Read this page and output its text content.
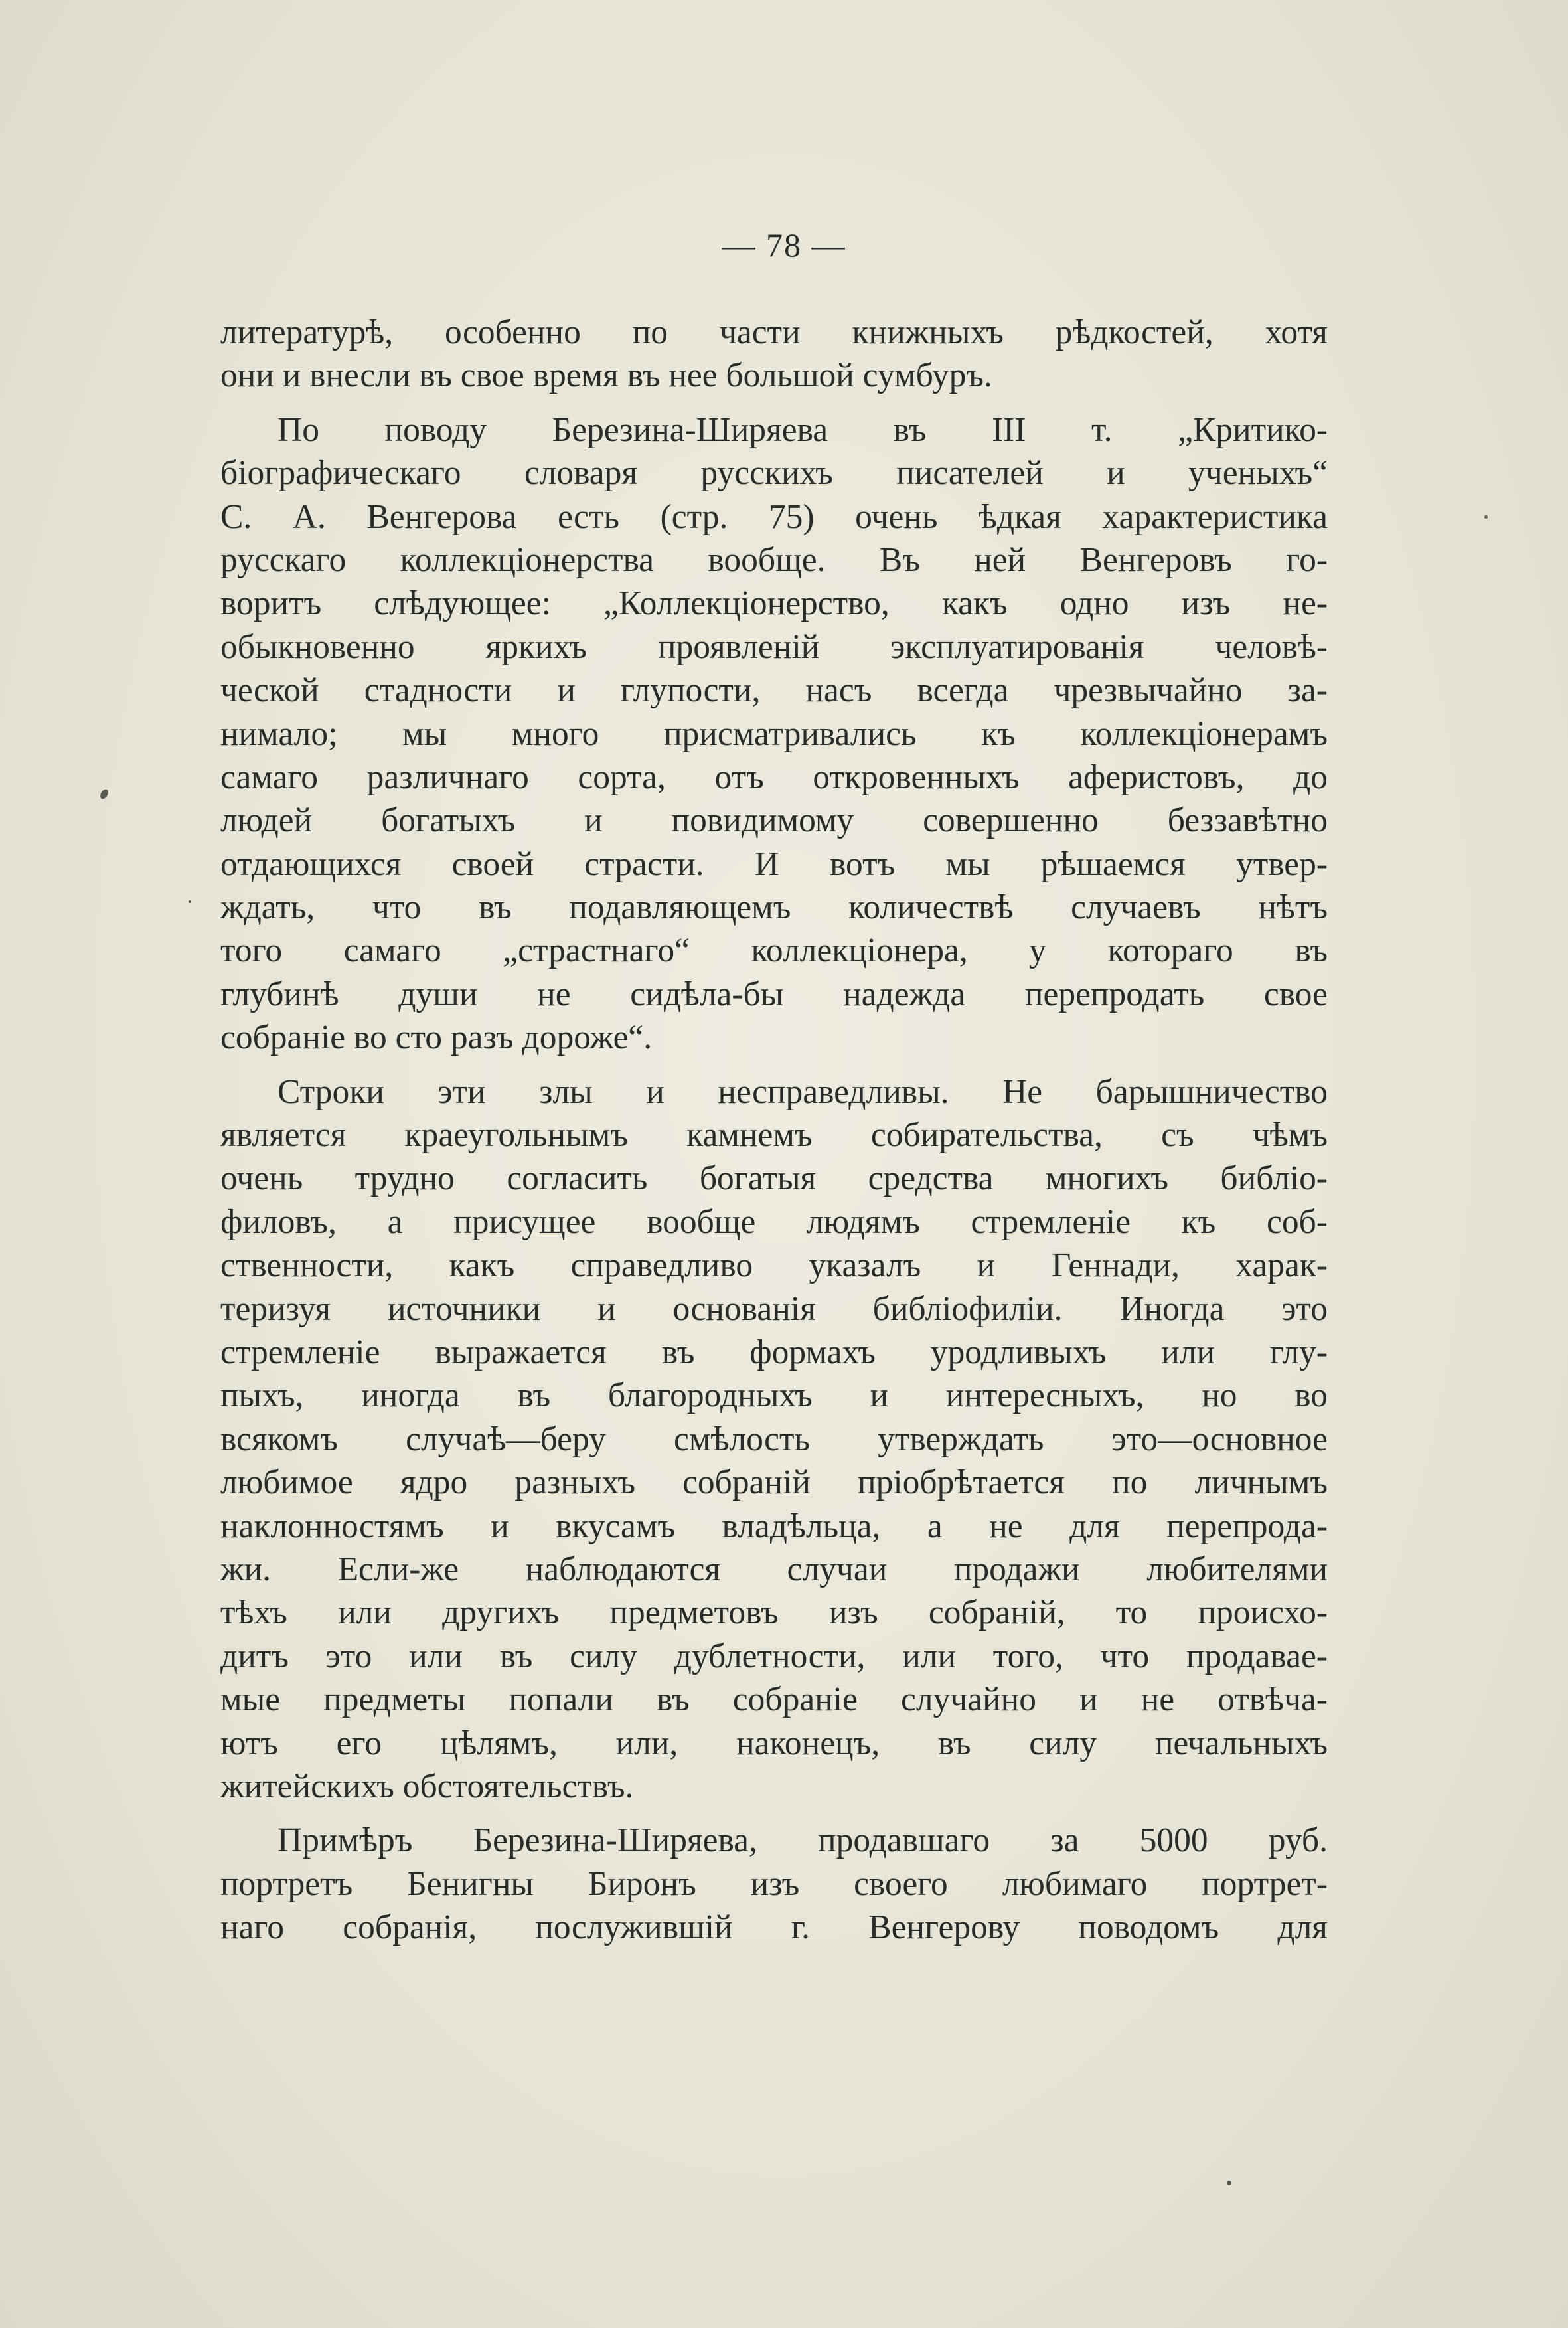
— 78 —
литературѣ, особенно по части книжныхъ рѣдкостей, хотя
они и внесли въ свое время въ нее большой сумбуръ.
По поводу Березина-Ширяева въ III т. „Критико-
біографическаго словаря русскихъ писателей и ученыхъ“
С. А. Венгерова есть (стр. 75) очень ѣдкая характеристика
русскаго коллекціонерства вообще. Въ ней Венгеровъ го-
воритъ слѣдующее: „Коллекціонерство, какъ одно изъ не-
обыкновенно яркихъ проявленій эксплуатированія человѣ-
ческой стадности и глупости, насъ всегда чрезвычайно за-
нимало; мы много присматривались къ коллекціонерамъ
самаго различнаго сорта, отъ откровенныхъ аферистовъ, до
людей богатыхъ и повидимому совершенно беззавѣтно
отдающихся своей страсти. И вотъ мы рѣшаемся утвер-
ждать, что въ подавляющемъ количествѣ случаевъ нѣтъ
того самаго „страстнаго“ коллекціонера, у котораго въ
глубинѣ души не сидѣла-бы надежда перепродать свое
собраніе во сто разъ дороже“.
Строки эти злы и несправедливы. Не барышничество
является краеугольнымъ камнемъ собирательства, съ чѣмъ
очень трудно согласить богатыя средства многихъ библіо-
филовъ, а присущее вообще людямъ стремленіе къ соб-
ственности, какъ справедливо указалъ и Геннади, харак-
теризуя источники и основанія библіофиліи. Иногда это
стремленіе выражается въ формахъ уродливыхъ или глу-
пыхъ, иногда въ благородныхъ и интересныхъ, но во
всякомъ случаѣ—беру смѣлость утверждать это—основное
любимое ядро разныхъ собраній пріобрѣтается по личнымъ
наклонностямъ и вкусамъ владѣльца, а не для перепрода-
жи. Если-же наблюдаются случаи продажи любителями
тѣхъ или другихъ предметовъ изъ собраній, то происхо-
дитъ это или въ силу дублетности, или того, что продавае-
мые предметы попали въ собраніе случайно и не отвѣча-
ютъ его цѣлямъ, или, наконецъ, въ силу печальныхъ
житейскихъ обстоятельствъ.
Примѣръ Березина-Ширяева, продавшаго за 5000 руб.
портретъ Бенигны Биронъ изъ своего любимаго портрет-
наго собранія, послужившій г. Венгерову поводомъ для
